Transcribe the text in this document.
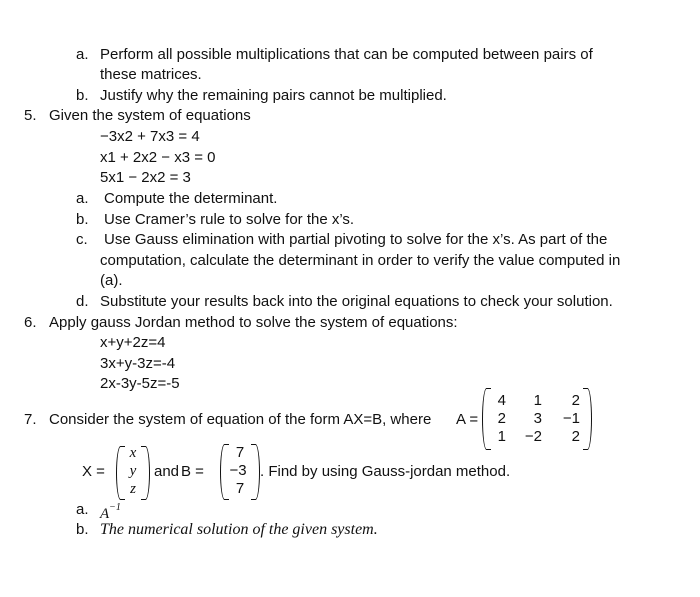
a. Perform all possible multiplications that can be computed between pairs of
these matrices.
b. Justify why the remaining pairs cannot be multiplied.
5. Given the system of equations
−3x2 + 7x3 = 4
x1 + 2x2 − x3 = 0
5x1 − 2x2 = 3
a. Compute the determinant.
b. Use Cramer’s rule to solve for the x’s.
c. Use Gauss elimination with partial pivoting to solve for the x’s. As part of the
computation, calculate the determinant in order to verify the value computed in
(a).
d. Substitute your results back into the original equations to check your solution.
6. Apply gauss Jordan method to solve the system of equations:
x+y+2z=4
3x+y-3z=-4
2x-3y-5z=-5
7. Consider the system of equation of the form AX=B, where A =
4	1	2
2	3	−1
1	−2	2
X =
x
y
z
and B =
7
−3
7
. Find by using Gauss-jordan method.
a. $A^{-1}$
b. The numerical solution of the given system.
